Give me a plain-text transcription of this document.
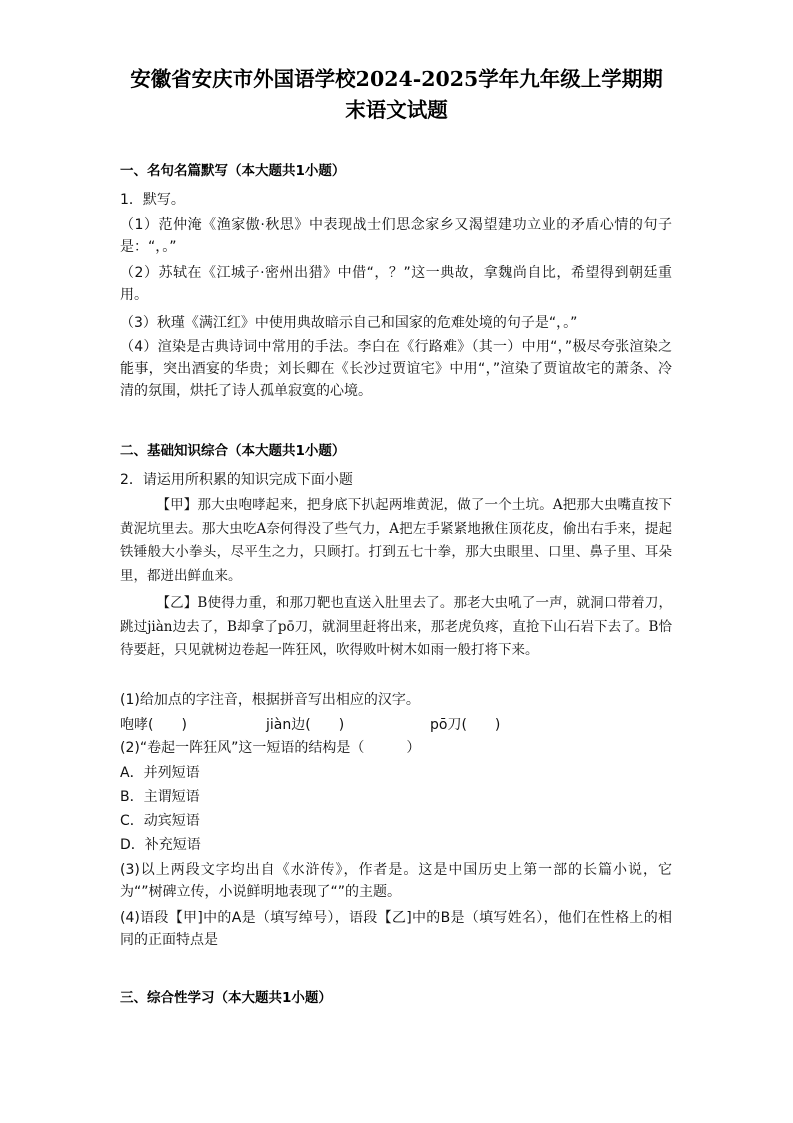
安徽省安庆市外国语学校2024-2025学年九年级上学期期
末语文试题
一、名句名篇默写（本大题共1小题）
1．默写。
（1）范仲淹《渔家傲·秋思》中表现战士们思念家乡又渴望建功立业的矛盾心情的句子是：“，。”
（2）苏轼在《江城子·密州出猎》中借“，？”这一典故，拿魏尚自比，希望得到朝廷重用。
（3）秋瑾《满江红》中使用典故暗示自己和国家的危难处境的句子是“，。”
（4）渲染是古典诗词中常用的手法。李白在《行路难》（其一）中用“，”极尽夸张渲染之能事，突出酒宴的华贵；刘长卿在《长沙过贾谊宅》中用“，”渲染了贾谊故宅的萧条、冷清的氛围，烘托了诗人孤单寂寞的心境。
二、基础知识综合（本大题共1小题）
2．请运用所积累的知识完成下面小题
【甲】那大虫咆哮起来，把身底下扒起两堆黄泥，做了一个土坑。A把那大虫嘴直按下黄泥坑里去。那大虫吃A奈何得没了些气力，A把左手紧紧地揪住顶花皮，偷出右手来，提起铁锤般大小拳头，尽平生之力，只顾打。打到五七十拳，那大虫眼里、口里、鼻子里、耳朵里，都迸出鲜血来。
【乙】B使得力重，和那刀靶也直送入肚里去了。那老大虫吼了一声，就洞口带着刀，跳过jiàn边去了，B却拿了pō刀，就洞里赶将出来，那老虎负疼，直抢下山石岩下去了。B恰待要赶，只见就树边卷起一阵狂风，吹得败叶树木如雨一般打将下来。
(1)给加点的字注音，根据拼音写出相应的汉字。
咆哮(　　)	jiàn边(　　)	pō刀(　　)
(2)“卷起一阵狂风”这一短语的结构是（　　　）
A．并列短语
B．主谓短语
C．动宾短语
D．补充短语
(3)以上两段文字均出自《水浒传》，作者是。这是中国历史上第一部的长篇小说，它为“”树碑立传，小说鲜明地表现了“”的主题。
(4)语段【甲]中的A是（填写绰号），语段【乙]中的B是（填写姓名），他们在性格上的相同的正面特点是
三、综合性学习（本大题共1小题）
